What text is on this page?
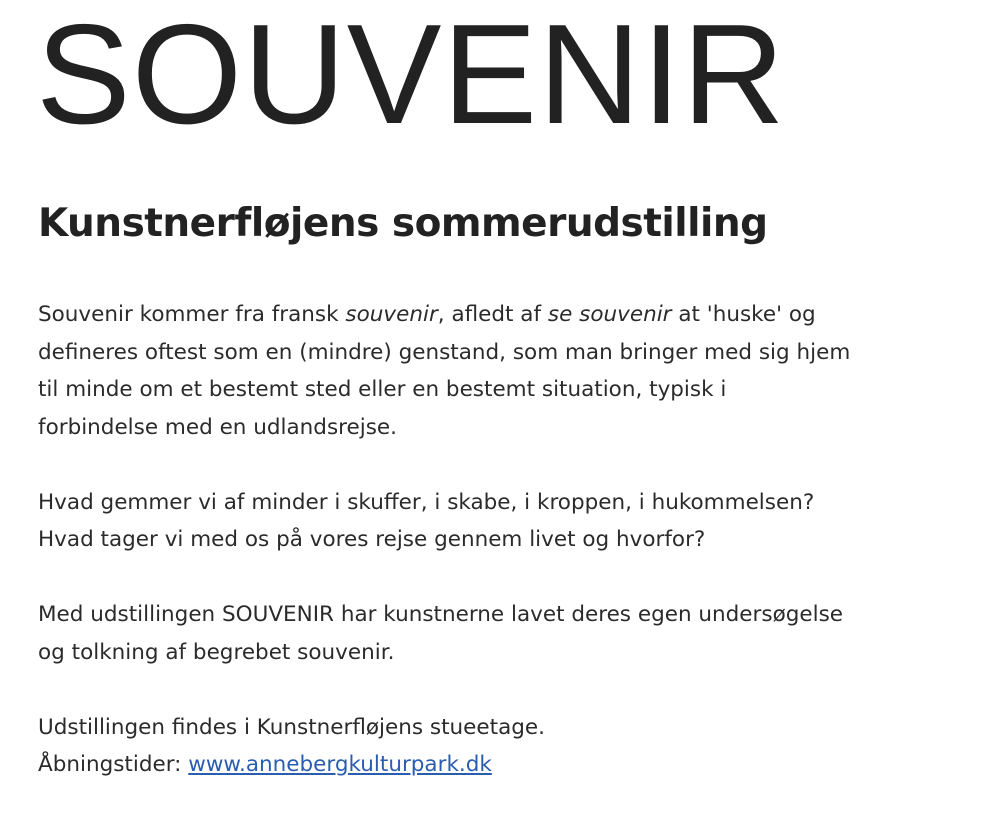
SOUVENIR
Kunstnerfløjens sommerudstilling

Souvenir kommer fra fransk souvenir, afledt af se souvenir at 'huske' og
defineres oftest som en (mindre) genstand, som man bringer med sig hjem
til minde om et bestemt sted eller en bestemt situation, typisk i
forbindelse med en udlandsrejse.

Hvad gemmer vi af minder i skuffer, i skabe, i kroppen, i hukommelsen?
Hvad tager vi med os på vores rejse gennem livet og hvorfor?

Med udstillingen SOUVENIR har kunstnerne lavet deres egen undersøgelse
og tolkning af begrebet souvenir.

Udstillingen findes i Kunstnerfløjens stueetage.
Åbningstider: www.annebergkulturpark.dk
